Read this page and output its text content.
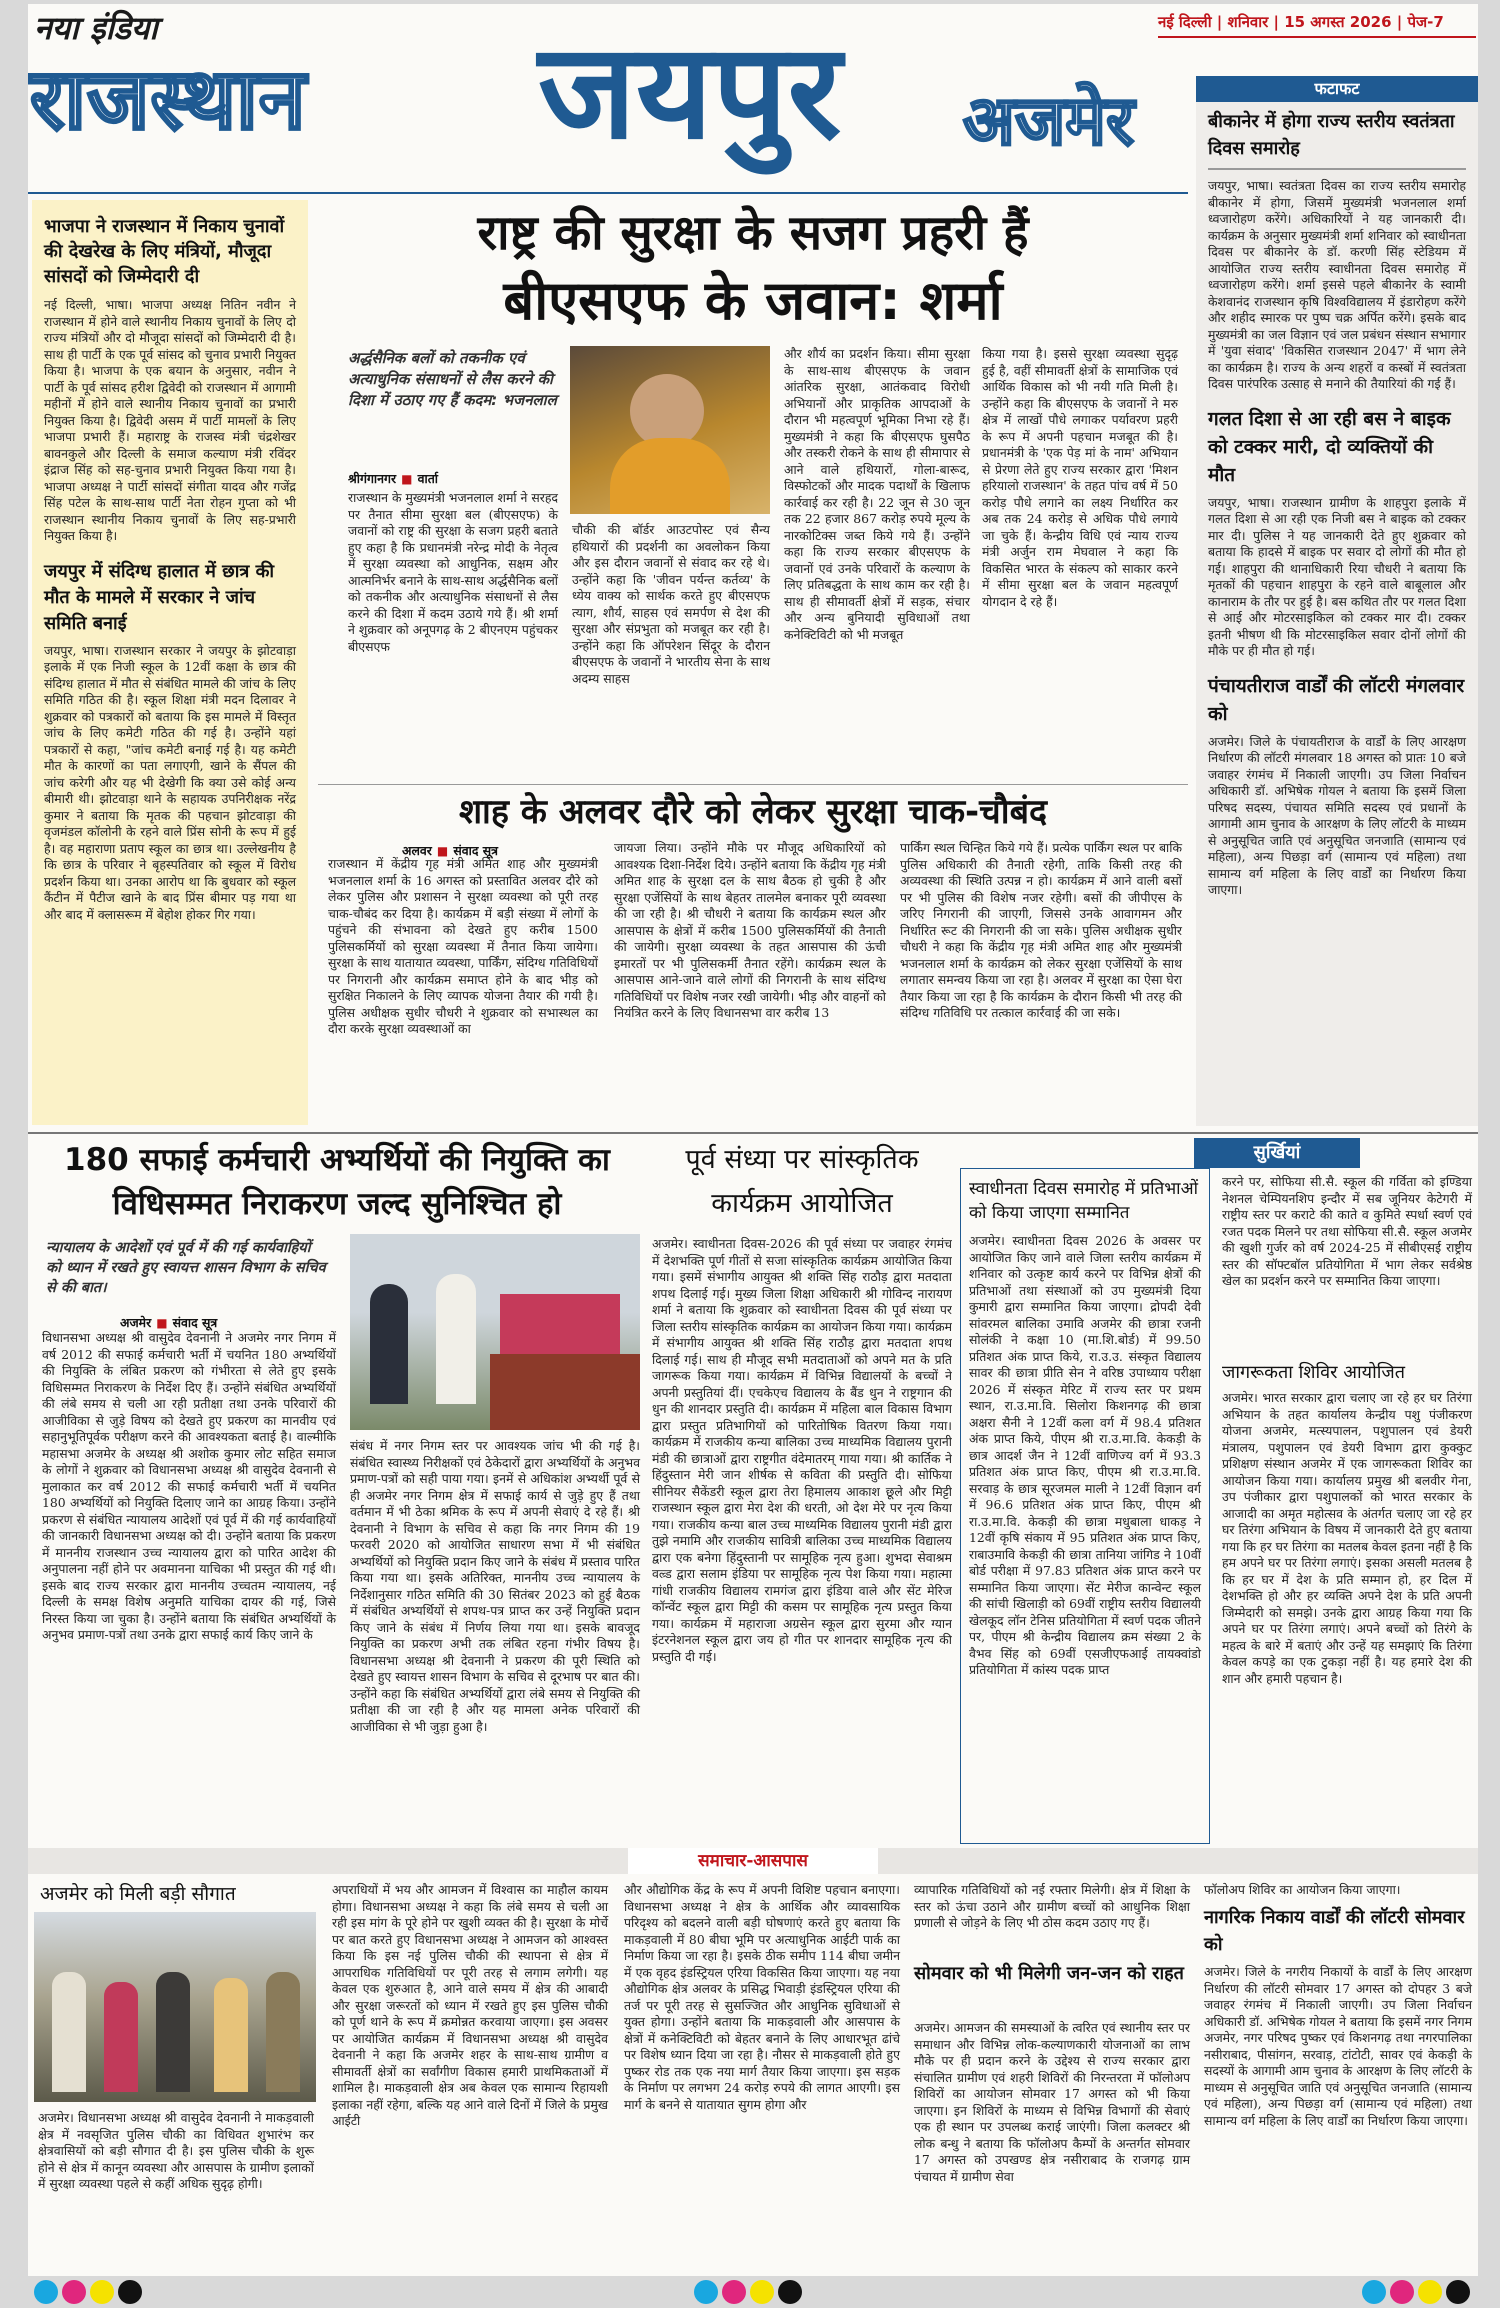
नया इंडिया
राजस्थान जयपुर अजमेर
नई दिल्ली | शनिवार | 15 अगस्त 2026 | पेज-7
फटाफट
बीकानेर में होगा राज्य स्तरीय स्वतंत्रता दिवस समारोह
जयपुर, भाषा। स्वतंत्रता दिवस का राज्य स्तरीय समारोह बीकानेर में होगा, जिसमें मुख्यमंत्री भजनलाल शर्मा ध्वजारोहण करेंगे। अधिकारियों ने यह जानकारी दी। कार्यक्रम के अनुसार मुख्यमंत्री शर्मा शनिवार को स्वाधीनता दिवस पर बीकानेर के डॉ. करणी सिंह स्टेडियम में आयोजित राज्य स्तरीय स्वाधीनता दिवस समारोह में ध्वजारोहण करेंगे। शर्मा इससे पहले बीकानेर के स्वामी केशवानंद राजस्थान कृषि विश्वविद्यालय में इंडारोहण करेंगे और शहीद स्मारक पर पुष्प चक्र अर्पित करेंगे। इसके बाद मुख्यमंत्री का जल विज्ञान एवं जल प्रबंधन संस्थान सभागार में 'युवा संवाद' 'विकसित राजस्थान 2047' में भाग लेने का कार्यक्रम है। राज्य के अन्य शहरों व कस्बों में स्वतंत्रता दिवस पारंपरिक उत्साह से मनाने की तैयारियां की गई हैं।
गलत दिशा से आ रही बस ने बाइक को टक्कर मारी, दो व्यक्तियों की मौत
जयपुर, भाषा। राजस्थान ग्रामीण के शाहपुरा इलाके में गलत दिशा से आ रही एक निजी बस ने बाइक को टक्कर मार दी। पुलिस ने यह जानकारी देते हुए शुक्रवार को बताया कि हादसे में बाइक पर सवार दो लोगों की मौत हो गई। शाहपुरा की थानाधिकारी रिया चौधरी ने बताया कि मृतकों की पहचान शाहपुरा के रहने वाले बाबूलाल और कानाराम के तौर पर हुई है। बस कथित तौर पर गलत दिशा से आई और मोटरसाइकिल को टक्कर मार दी। टक्कर इतनी भीषण थी कि मोटरसाइकिल सवार दोनों लोगों की मौके पर ही मौत हो गई।
पंचायतीराज वार्डों की लॉटरी मंगलवार को
अजमेर। जिले के पंचायतीराज के वार्डों के लिए आरक्षण निर्धारण की लॉटरी मंगलवार 18 अगस्त को प्रातः 10 बजे जवाहर रंगमंच में निकाली जाएगी। उप जिला निर्वाचन अधिकारी डॉ. अभिषेक गोयल ने बताया कि इसमें जिला परिषद सदस्य, पंचायत समिति सदस्य एवं प्रधानों के आगामी आम चुनाव के आरक्षण के लिए लॉटरी के माध्यम से अनुसूचित जाति एवं अनुसूचित जनजाति (सामान्य एवं महिला), अन्य पिछड़ा वर्ग (सामान्य एवं महिला) तथा सामान्य वर्ग महिला के लिए वार्डों का निर्धारण किया जाएगा।
भाजपा ने राजस्थान में निकाय चुनावों की देखरेख के लिए मंत्रियों, मौजूदा सांसदों को जिम्मेदारी दी
नई दिल्ली, भाषा। भाजपा अध्यक्ष नितिन नवीन ने राजस्थान में होने वाले स्थानीय निकाय चुनावों के लिए दो राज्य मंत्रियों और दो मौजूदा सांसदों को जिम्मेदारी दी है। साथ ही पार्टी के एक पूर्व सांसद को चुनाव प्रभारी नियुक्त किया है। भाजपा के एक बयान के अनुसार, नवीन ने पार्टी के पूर्व सांसद हरीश द्विवेदी को राजस्थान में आगामी महीनों में होने वाले स्थानीय निकाय चुनावों का प्रभारी नियुक्त किया है। द्विवेदी असम में पार्टी मामलों के लिए भाजपा प्रभारी हैं। महाराष्ट्र के राजस्व मंत्री चंद्रशेखर बावनकुले और दिल्ली के समाज कल्याण मंत्री रविंदर इंद्राज सिंह को सह-चुनाव प्रभारी नियुक्त किया गया है। भाजपा अध्यक्ष ने पार्टी सांसदों संगीता यादव और गजेंद्र सिंह पटेल के साथ-साथ पार्टी नेता रोहन गुप्ता को भी राजस्थान स्थानीय निकाय चुनावों के लिए सह-प्रभारी नियुक्त किया है।
जयपुर में संदिग्ध हालात में छात्र की मौत के मामले में सरकार ने जांच समिति बनाई
जयपुर, भाषा। राजस्थान सरकार ने जयपुर के झोटवाड़ा इलाके में एक निजी स्कूल के 12वीं कक्षा के छात्र की संदिग्ध हालात में मौत से संबंधित मामले की जांच के लिए समिति गठित की है। स्कूल शिक्षा मंत्री मदन दिलावर ने शुक्रवार को पत्रकारों को बताया कि इस मामले में विस्तृत जांच के लिए कमेटी गठित की गई है। उन्होंने यहां पत्रकारों से कहा, "जांच कमेटी बनाई गई है। यह कमेटी मौत के कारणों का पता लगाएगी, खाने के सैंपल की जांच करेगी और यह भी देखेगी कि क्या उसे कोई अन्य बीमारी थी। झोटवाड़ा थाने के सहायक उपनिरीक्षक नरेंद्र कुमार ने बताया कि मृतक की पहचान झोटवाड़ा की वृजमंडल कॉलोनी के रहने वाले प्रिंस सोनी के रूप में हुई है। वह महाराणा प्रताप स्कूल का छात्र था। उल्लेखनीय है कि छात्र के परिवार ने बृहस्पतिवार को स्कूल में विरोध प्रदर्शन किया था। उनका आरोप था कि बुधवार को स्कूल कैंटीन में पैटीज खाने के बाद प्रिंस बीमार पड़ गया था और बाद में क्लासरूम में बेहोश होकर गिर गया।
राष्ट्र की सुरक्षा के सजग प्रहरी हैं
बीएसएफ के जवान: शर्मा
अर्द्धसैनिक बलों को तकनीक एवं अत्याधुनिक संसाधनों से लैस करने की दिशा में उठाए गए हैं कदम: भजनलाल
श्रीगंगानगर ■ वार्ता
राजस्थान के मुख्यमंत्री भजनलाल शर्मा ने सरहद पर तैनात सीमा सुरक्षा बल (बीएसएफ) के जवानों को राष्ट्र की सुरक्षा के सजग प्रहरी बताते हुए कहा है कि प्रधानमंत्री नरेन्द्र मोदी के नेतृत्व में सुरक्षा व्यवस्था को आधुनिक, सक्षम और आत्मनिर्भर बनाने के साथ-साथ अर्द्धसैनिक बलों को तकनीक और अत्याधुनिक संसाधनों से लैस करने की दिशा में कदम उठाये गये हैं। श्री शर्मा ने शुक्रवार को अनूपगढ़ के 2 बीएनएम पहुंचकर बीएसएफ
चौकी की बॉर्डर आउटपोस्ट एवं सैन्य हथियारों की प्रदर्शनी का अवलोकन किया और इस दौरान जवानों से संवाद कर रहे थे। उन्होंने कहा कि 'जीवन पर्यन्त कर्तव्य' के ध्येय वाक्य को सार्थक करते हुए बीएसएफ त्याग, शौर्य, साहस एवं समर्पण से देश की सुरक्षा और संप्रभुता को मजबूत कर रही है। उन्होंने कहा कि ऑपरेशन सिंदूर के दौरान बीएसएफ के जवानों ने भारतीय सेना के साथ अदम्य साहस
और शौर्य का प्रदर्शन किया। सीमा सुरक्षा के साथ-साथ बीएसएफ के जवान आंतरिक सुरक्षा, आतंकवाद विरोधी अभियानों और प्राकृतिक आपदाओं के दौरान भी महत्वपूर्ण भूमिका निभा रहे हैं। मुख्यमंत्री ने कहा कि बीएसएफ घुसपैठ और तस्करी रोकने के साथ ही सीमापार से आने वाले हथियारों, गोला-बारूद, विस्फोटकों और मादक पदार्थों के खिलाफ कार्रवाई कर रही है। 22 जून से 30 जून तक 22 हजार 867 करोड़ रुपये मूल्य के नारकोटिक्स जब्त किये गये हैं। उन्होंने कहा कि राज्य सरकार बीएसएफ के जवानों एवं उनके परिवारों के कल्याण के लिए प्रतिबद्धता के साथ काम कर रही है। साथ ही सीमावर्ती क्षेत्रों में सड़क, संचार और अन्य बुनियादी सुविधाओं तथा कनेक्टिविटी को भी मजबूत
किया गया है। इससे सुरक्षा व्यवस्था सुदृढ़ हुई है, वहीं सीमावर्ती क्षेत्रों के सामाजिक एवं आर्थिक विकास को भी नयी गति मिली है। उन्होंने कहा कि बीएसएफ के जवानों ने मरु क्षेत्र में लाखों पौधे लगाकर पर्यावरण प्रहरी के रूप में अपनी पहचान मजबूत की है। प्रधानमंत्री के 'एक पेड़ मां के नाम' अभियान से प्रेरणा लेते हुए राज्य सरकार द्वारा 'मिशन हरियालो राजस्थान' के तहत पांच वर्ष में 50 करोड़ पौधे लगाने का लक्ष्य निर्धारित कर अब तक 24 करोड़ से अधिक पौधे लगाये जा चुके हैं। केन्द्रीय विधि एवं न्याय राज्य मंत्री अर्जुन राम मेघवाल ने कहा कि विकसित भारत के संकल्प को साकार करने में सीमा सुरक्षा बल के जवान महत्वपूर्ण योगदान दे रहे हैं।
शाह के अलवर दौरे को लेकर सुरक्षा चाक-चौबंद
अलवर ■ संवाद सूत्र
राजस्थान में केंद्रीय गृह मंत्री अमित शाह और मुख्यमंत्री भजनलाल शर्मा के 16 अगस्त को प्रस्तावित अलवर दौरे को लेकर पुलिस और प्रशासन ने सुरक्षा व्यवस्था को पूरी तरह चाक-चौबंद कर दिया है। कार्यक्रम में बड़ी संख्या में लोगों के पहुंचने की संभावना को देखते हुए करीब 1500 पुलिसकर्मियों को सुरक्षा व्यवस्था में तैनात किया जायेगा। सुरक्षा के साथ यातायात व्यवस्था, पार्किंग, संदिग्ध गतिविधियों पर निगरानी और कार्यक्रम समाप्त होने के बाद भीड़ को सुरक्षित निकालने के लिए व्यापक योजना तैयार की गयी है। पुलिस अधीक्षक सुधीर चौधरी ने शुक्रवार को सभास्थल का दौरा करके सुरक्षा व्यवस्थाओं का
जायजा लिया। उन्होंने मौके पर मौजूद अधिकारियों को आवश्यक दिशा-निर्देश दिये। उन्होंने बताया कि केंद्रीय गृह मंत्री अमित शाह के सुरक्षा दल के साथ बैठक हो चुकी है और सुरक्षा एजेंसियों के साथ बेहतर तालमेल बनाकर पूरी व्यवस्था की जा रही है। श्री चौधरी ने बताया कि कार्यक्रम स्थल और आसपास के क्षेत्रों में करीब 1500 पुलिसकर्मियों की तैनाती की जायेगी। सुरक्षा व्यवस्था के तहत आसपास की ऊंची इमारतों पर भी पुलिसकर्मी तैनात रहेंगे। कार्यक्रम स्थल के आसपास आने-जाने वाले लोगों की निगरानी के साथ संदिग्ध गतिविधियों पर विशेष नजर रखी जायेगी। भीड़ और वाहनों को नियंत्रित करने के लिए विधानसभा वार करीब 13
पार्किंग स्थल चिन्हित किये गये हैं। प्रत्येक पार्किंग स्थल पर बाकि पुलिस अधिकारी की तैनाती रहेगी, ताकि किसी तरह की अव्यवस्था की स्थिति उत्पन्न न हो। कार्यक्रम में आने वाली बसों पर भी पुलिस की विशेष नजर रहेगी। बसों की जीपीएस के जरिए निगरानी की जाएगी, जिससे उनके आवागमन और निर्धारित रूट की निगरानी की जा सके। पुलिस अधीक्षक सुधीर चौधरी ने कहा कि केंद्रीय गृह मंत्री अमित शाह और मुख्यमंत्री भजनलाल शर्मा के कार्यक्रम को लेकर सुरक्षा एजेंसियों के साथ लगातार समन्वय किया जा रहा है। अलवर में सुरक्षा का ऐसा घेरा तैयार किया जा रहा है कि कार्यक्रम के दौरान किसी भी तरह की संदिग्ध गतिविधि पर तत्काल कार्रवाई की जा सके।
180 सफाई कर्मचारी अभ्यर्थियों की नियुक्ति का
विधिसम्मत निराकरण जल्द सुनिश्चित हो
न्यायालय के आदेशों एवं पूर्व में की गई कार्यवाहियों को ध्यान में रखते हुए स्वायत्त शासन विभाग के सचिव से की बात।
अजमेर ■ संवाद सूत्र
विधानसभा अध्यक्ष श्री वासुदेव देवनानी ने अजमेर नगर निगम में वर्ष 2012 की सफाई कर्मचारी भर्ती में चयनित 180 अभ्यर्थियों की नियुक्ति के लंबित प्रकरण को गंभीरता से लेते हुए इसके विधिसम्मत निराकरण के निर्देश दिए हैं। उन्होंने संबंधित अभ्यर्थियों की लंबे समय से चली आ रही प्रतीक्षा तथा उनके परिवारों की आजीविका से जुड़े विषय को देखते हुए प्रकरण का मानवीय एवं सहानुभूतिपूर्वक परीक्षण करने की आवश्यकता बताई है। वाल्मीकि महासभा अजमेर के अध्यक्ष श्री अशोक कुमार लोट सहित समाज के लोगों ने शुक्रवार को विधानसभा अध्यक्ष श्री वासुदेव देवनानी से मुलाकात कर वर्ष 2012 की सफाई कर्मचारी भर्ती में चयनित 180 अभ्यर्थियों को नियुक्ति दिलाए जाने का आग्रह किया। उन्होंने प्रकरण से संबंधित न्यायालय आदेशों एवं पूर्व में की गई कार्यवाहियों की जानकारी विधानसभा अध्यक्ष को दी। उन्होंने बताया कि प्रकरण में माननीय राजस्थान उच्च न्यायालय द्वारा को पारित आदेश की अनुपालना नहीं होने पर अवमानना याचिका भी प्रस्तुत की गई थी। इसके बाद राज्य सरकार द्वारा माननीय उच्चतम न्यायालय, नई दिल्ली के समक्ष विशेष अनुमति याचिका दायर की गई, जिसे निरस्त किया जा चुका है। उन्होंने बताया कि संबंधित अभ्यर्थियों के अनुभव प्रमाण-पत्रों तथा उनके द्वारा सफाई कार्य किए जाने के
संबंध में नगर निगम स्तर पर आवश्यक जांच भी की गई है। संबंधित स्वास्थ्य निरीक्षकों एवं ठेकेदारों द्वारा अभ्यर्थियों के अनुभव प्रमाण-पत्रों को सही पाया गया। इनमें से अधिकांश अभ्यर्थी पूर्व से ही अजमेर नगर निगम क्षेत्र में सफाई कार्य से जुड़े हुए हैं तथा वर्तमान में भी ठेका श्रमिक के रूप में अपनी सेवाएं दे रहे हैं। श्री देवनानी ने विभाग के सचिव से कहा कि नगर निगम की 19 फरवरी 2020 को आयोजित साधारण सभा में भी संबंधित अभ्यर्थियों को नियुक्ति प्रदान किए जाने के संबंध में प्रस्ताव पारित किया गया था। इसके अतिरिक्त, माननीय उच्च न्यायालय के निर्देशानुसार गठित समिति की 30 सितंबर 2023 को हुई बैठक में संबंधित अभ्यर्थियों से शपथ-पत्र प्राप्त कर उन्हें नियुक्ति प्रदान किए जाने के संबंध में निर्णय लिया गया था। इसके बावजूद नियुक्ति का प्रकरण अभी तक लंबित रहना गंभीर विषय है। विधानसभा अध्यक्ष श्री देवनानी ने प्रकरण की पूरी स्थिति को देखते हुए स्वायत्त शासन विभाग के सचिव से दूरभाष पर बात की। उन्होंने कहा कि संबंधित अभ्यर्थियों द्वारा लंबे समय से नियुक्ति की प्रतीक्षा की जा रही है और यह मामला अनेक परिवारों की आजीविका से भी जुड़ा हुआ है।
पूर्व संध्या पर सांस्कृतिक
कार्यक्रम आयोजित
अजमेर। स्वाधीनता दिवस-2026 की पूर्व संध्या पर जवाहर रंगमंच में देशभक्ति पूर्ण गीतों से सजा सांस्कृतिक कार्यक्रम आयोजित किया गया। इसमें संभागीय आयुक्त श्री शक्ति सिंह राठौड़ द्वारा मतदाता शपथ दिलाई गई। मुख्य जिला शिक्षा अधिकारी श्री गोविन्द नारायण शर्मा ने बताया कि शुक्रवार को स्वाधीनता दिवस की पूर्व संध्या पर जिला स्तरीय सांस्कृतिक कार्यक्रम का आयोजन किया गया। कार्यक्रम में संभागीय आयुक्त श्री शक्ति सिंह राठौड़ द्वारा मतदाता शपथ दिलाई गई। साथ ही मौजूद सभी मतदाताओं को अपने मत के प्रति जागरूक किया गया। कार्यक्रम में विभिन्न विद्यालयों के बच्चों ने अपनी प्रस्तुतियां दीं। एचकेएच विद्यालय के बैंड धुन ने राष्ट्रगान की धुन की शानदार प्रस्तुति दी। कार्यक्रम में महिला बाल विकास विभाग द्वारा प्रस्तुत प्रतिभागियों को पारितोषिक वितरण किया गया। कार्यक्रम में राजकीय कन्या बालिका उच्च माध्यमिक विद्यालय पुरानी मंडी की छात्राओं द्वारा राष्ट्रगीत वंदेमातरम् गाया गया। श्री कार्तिक ने हिंदुस्तान मेरी जान शीर्षक से कविता की प्रस्तुति दी। सोफिया सीनियर सैकेंडरी स्कूल द्वारा तेरा हिमालय आकाश छूले और मिट्टी राजस्थान स्कूल द्वारा मेरा देश की धरती, ओ देश मेरे पर नृत्य किया गया। राजकीय कन्या बाल उच्च माध्यमिक विद्यालय पुरानी मंडी द्वारा तुझे नमामि और राजकीय सावित्री बालिका उच्च माध्यमिक विद्यालय द्वारा एक बनेगा हिंदुस्तानी पर सामूहिक नृत्य हुआ। शुभदा सेवाश्रम वल्र्ड द्वारा सलाम इंडिया पर सामूहिक नृत्य पेश किया गया। महात्मा गांधी राजकीय विद्यालय रामगंज द्वारा इंडिया वाले और सेंट मेरिज कॉन्वेंट स्कूल द्वारा मिट्टी की कसम पर सामूहिक नृत्य प्रस्तुत किया गया। कार्यक्रम में महाराजा अग्रसेन स्कूल द्वारा सुरमा और ग्यान इंटरनेशनल स्कूल द्वारा जय हो गीत पर शानदार सामूहिक नृत्य की प्रस्तुति दी गई।
सुर्खियां
स्वाधीनता दिवस समारोह में प्रतिभाओं को किया जाएगा सम्मानित
अजमेर। स्वाधीनता दिवस 2026 के अवसर पर आयोजित किए जाने वाले जिला स्तरीय कार्यक्रम में शनिवार को उत्कृष्ट कार्य करने पर विभिन्न क्षेत्रों की प्रतिभाओं तथा संस्थाओं को उप मुख्यमंत्री दिया कुमारी द्वारा सम्मानित किया जाएगा। द्रोपदी देवी सांवरमल बालिका उमावि अजमेर की छात्रा रजनी सोलंकी ने कक्षा 10 (मा.शि.बोर्ड) में 99.50 प्रतिशत अंक प्राप्त किये, रा.उ.उ. संस्कृत विद्यालय सावर की छात्रा प्रीति सेन ने वरिष्ठ उपाध्याय परीक्षा 2026 में संस्कृत मेरिट में राज्य स्तर पर प्रथम स्थान, रा.उ.मा.वि. सिलोरा किशनगढ़ की छात्रा अक्षरा सैनी ने 12वीं कला वर्ग में 98.4 प्रतिशत अंक प्राप्त किये, पीएम श्री रा.उ.मा.वि. केकड़ी के छात्र आदर्श जैन ने 12वीं वाणिज्य वर्ग में 93.3 प्रतिशत अंक प्राप्त किए, पीएम श्री रा.उ.मा.वि. सरवाड़ के छात्र सूरजमल माली ने 12वीं विज्ञान वर्ग में 96.6 प्रतिशत अंक प्राप्त किए, पीएम श्री रा.उ.मा.वि. केकड़ी की छात्रा मधुबाला धाकड़ ने 12वीं कृषि संकाय में 95 प्रतिशत अंक प्राप्त किए, राबाउमावि केकड़ी की छात्रा तानिया जांगिड ने 10वीं बोर्ड परीक्षा में 97.83 प्रतिशत अंक प्राप्त करने पर सम्मानित किया जाएगा। सेंट मेरीज कान्वेन्ट स्कूल की सांची खिलाड़ी को 69वीं राष्ट्रीय स्तरीय विद्यालयी खेलकूद लॉन टेनिस प्रतियोगिता में स्वर्ण पदक जीतने पर, पीएम श्री केन्द्रीय विद्यालय क्रम संख्या 2 के वैभव सिंह को 69वीं एसजीएफआई तायक्वांडो प्रतियोगिता में कांस्य पदक प्राप्त
करने पर, सोफिया सी.सै. स्कूल की गर्विता को इण्डिया नेशनल चेम्पियनशिप इन्दौर में सब जूनियर केटेगरी में राष्ट्रीय स्तर पर कराटे की काते व कुमिते स्पर्धा स्वर्ण एवं रजत पदक मिलने पर तथा सोफिया सी.सै. स्कूल अजमेर की खुशी गुर्जर को वर्ष 2024-25 में सीबीएसई राष्ट्रीय स्तर की सॉफ्टबॉल प्रतियोगिता में भाग लेकर सर्वश्रेष्ठ खेल का प्रदर्शन करने पर सम्मानित किया जाएगा।
जागरूकता शिविर आयोजित
अजमेर। भारत सरकार द्वारा चलाए जा रहे हर घर तिरंगा अभियान के तहत कार्यालय केन्द्रीय पशु पंजीकरण योजना अजमेर, मत्स्यपालन, पशुपालन एवं डेयरी मंत्रालय, पशुपालन एवं डेयरी विभाग द्वारा कुक्कुट प्रशिक्षण संस्थान अजमेर में एक जागरूकता शिविर का आयोजन किया गया। कार्यालय प्रमुख श्री बलवीर गेना, उप पंजीकार द्वारा पशुपालकों को भारत सरकार के आजादी का अमृत महोत्सव के अंतर्गत चलाए जा रहे हर घर तिरंगा अभियान के विषय में जानकारी देते हुए बताया गया कि हर घर तिरंगा का मतलब केवल इतना नहीं है कि हम अपने घर पर तिरंगा लगाएं। इसका असली मतलब है कि हर घर में देश के प्रति सम्मान हो, हर दिल में देशभक्ति हो और हर व्यक्ति अपने देश के प्रति अपनी जिम्मेदारी को समझे। उनके द्वारा आग्रह किया गया कि अपने घर पर तिरंगा लगाएं। अपने बच्चों को तिरंगे के महत्व के बारे में बताएं और उन्हें यह समझाएं कि तिरंगा केवल कपड़े का एक टुकड़ा नहीं है। यह हमारे देश की शान और हमारी पहचान है।
समाचार-आसपास
अजमेर को मिली बड़ी सौगात
अजमेर। विधानसभा अध्यक्ष श्री वासुदेव देवनानी ने माकड़वाली क्षेत्र में नवसृजित पुलिस चौकी का विधिवत शुभारंभ कर क्षेत्रवासियों को बड़ी सौगात दी है। इस पुलिस चौकी के शुरू होने से क्षेत्र में कानून व्यवस्था और आसपास के ग्रामीण इलाकों में सुरक्षा व्यवस्था पहले से कहीं अधिक सुदृढ़ होगी।
अपराधियों में भय और आमजन में विश्वास का माहौल कायम होगा। विधानसभा अध्यक्ष ने कहा कि लंबे समय से चली आ रही इस मांग के पूरे होने पर खुशी व्यक्त की है। सुरक्षा के मोर्चे पर बात करते हुए विधानसभा अध्यक्ष ने आमजन को आश्वस्त किया कि इस नई पुलिस चौकी की स्थापना से क्षेत्र में आपराधिक गतिविधियों पर पूरी तरह से लगाम लगेगी। यह केवल एक शुरुआत है, आने वाले समय में क्षेत्र की आबादी और सुरक्षा जरूरतों को ध्यान में रखते हुए इस पुलिस चौकी को पूर्ण थाने के रूप में क्रमोन्नत करवाया जाएगा। इस अवसर पर आयोजित कार्यक्रम में विधानसभा अध्यक्ष श्री वासुदेव देवनानी ने कहा कि अजमेर शहर के साथ-साथ ग्रामीण व सीमावर्ती क्षेत्रों का सर्वांगीण विकास हमारी प्राथमिकताओं में शामिल है। माकड़वाली क्षेत्र अब केवल एक सामान्य रिहायशी इलाका नहीं रहेगा, बल्कि यह आने वाले दिनों में जिले के प्रमुख आईटी
और औद्योगिक केंद्र के रूप में अपनी विशिष्ट पहचान बनाएगा। विधानसभा अध्यक्ष ने क्षेत्र के आर्थिक और व्यावसायिक परिदृश्य को बदलने वाली बड़ी घोषणाएं करते हुए बताया कि माकड़वाली में 80 बीघा भूमि पर अत्याधुनिक आईटी पार्क का निर्माण किया जा रहा है। इसके ठीक समीप 114 बीघा जमीन में एक वृहद इंडस्ट्रियल एरिया विकसित किया जाएगा। यह नया औद्योगिक क्षेत्र अलवर के प्रसिद्ध भिवाड़ी इंडस्ट्रियल एरिया की तर्ज पर पूरी तरह से सुसज्जित और आधुनिक सुविधाओं से युक्त होगा। उन्होंने बताया कि माकड़वाली और आसपास के क्षेत्रों में कनेक्टिविटी को बेहतर बनाने के लिए आधारभूत ढांचे पर विशेष ध्यान दिया जा रहा है। नौसर से माकड़वाली होते हुए पुष्कर रोड तक एक नया मार्ग तैयार किया जाएगा। इस सड़क के निर्माण पर लगभग 24 करोड़ रुपये की लागत आएगी। इस मार्ग के बनने से यातायात सुगम होगा और
व्यापारिक गतिविधियों को नई रफ्तार मिलेगी। क्षेत्र में शिक्षा के स्तर को ऊंचा उठाने और ग्रामीण बच्चों को आधुनिक शिक्षा प्रणाली से जोड़ने के लिए भी ठोस कदम उठाए गए हैं।
सोमवार को भी मिलेगी जन-जन को राहत
अजमेर। आमजन की समस्याओं के त्वरित एवं स्थानीय स्तर पर समाधान और विभिन्न लोक-कल्याणकारी योजनाओं का लाभ मौके पर ही प्रदान करने के उद्देश्य से राज्य सरकार द्वारा संचालित ग्रामीण एवं शहरी शिविरों की निरन्तरता में फॉलोअप शिविरों का आयोजन सोमवार 17 अगस्त को भी किया जाएगा। इन शिविरों के माध्यम से विभिन्न विभागों की सेवाएं एक ही स्थान पर उपलब्ध कराई जाएंगी। जिला कलक्टर श्री लोक बन्धु ने बताया कि फॉलोअप कैम्पों के अन्तर्गत सोमवार 17 अगस्त को उपखण्ड क्षेत्र नसीराबाद के राजगढ़ ग्राम पंचायत में ग्रामीण सेवा
फॉलोअप शिविर का आयोजन किया जाएगा।
नागरिक निकाय वार्डों की लॉटरी सोमवार को
अजमेर। जिले के नगरीय निकायों के वार्डों के लिए आरक्षण निर्धारण की लॉटरी सोमवार 17 अगस्त को दोपहर 3 बजे जवाहर रंगमंच में निकाली जाएगी। उप जिला निर्वाचन अधिकारी डॉ. अभिषेक गोयल ने बताया कि इसमें नगर निगम अजमेर, नगर परिषद पुष्कर एवं किशनगढ़ तथा नगरपालिका नसीराबाद, पीसांगन, सरवाड़, टांटोटी, सावर एवं केकड़ी के सदस्यों के आगामी आम चुनाव के आरक्षण के लिए लॉटरी के माध्यम से अनुसूचित जाति एवं अनुसूचित जनजाति (सामान्य एवं महिला), अन्य पिछड़ा वर्ग (सामान्य एवं महिला) तथा सामान्य वर्ग महिला के लिए वार्डों का निर्धारण किया जाएगा।
